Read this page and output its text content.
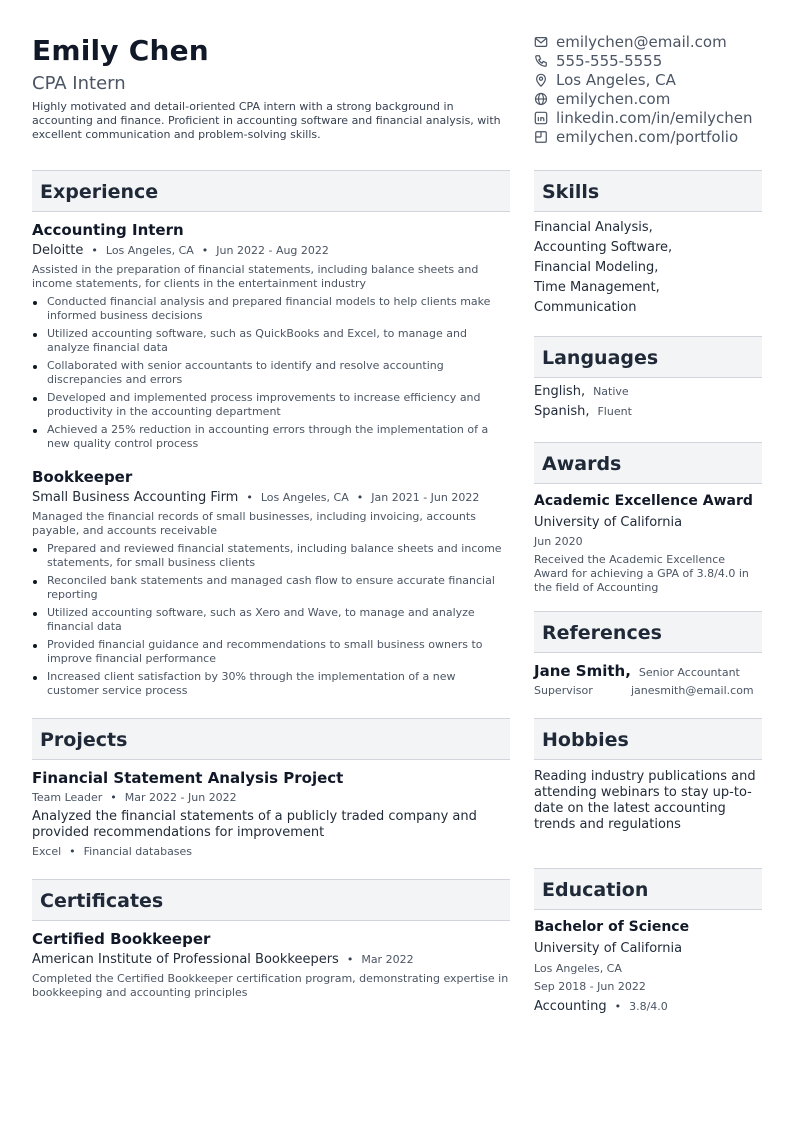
Emily Chen
CPA Intern
Highly motivated and detail-oriented CPA intern with a strong background in accounting and finance. Proficient in accounting software and financial analysis, with excellent communication and problem-solving skills.
Experience
Accounting Intern
Deloitte • Los Angeles, CA • Jun 2022 - Aug 2022
Assisted in the preparation of financial statements, including balance sheets and income statements, for clients in the entertainment industry
Conducted financial analysis and prepared financial models to help clients make informed business decisions
Utilized accounting software, such as QuickBooks and Excel, to manage and analyze financial data
Collaborated with senior accountants to identify and resolve accounting discrepancies and errors
Developed and implemented process improvements to increase efficiency and productivity in the accounting department
Achieved a 25% reduction in accounting errors through the implementation of a new quality control process
Bookkeeper
Small Business Accounting Firm • Los Angeles, CA • Jan 2021 - Jun 2022
Managed the financial records of small businesses, including invoicing, accounts payable, and accounts receivable
Prepared and reviewed financial statements, including balance sheets and income statements, for small business clients
Reconciled bank statements and managed cash flow to ensure accurate financial reporting
Utilized accounting software, such as Xero and Wave, to manage and analyze financial data
Provided financial guidance and recommendations to small business owners to improve financial performance
Increased client satisfaction by 30% through the implementation of a new customer service process
Projects
Financial Statement Analysis Project
Team Leader • Mar 2022 - Jun 2022
Analyzed the financial statements of a publicly traded company and provided recommendations for improvement
Excel • Financial databases
Certificates
Certified Bookkeeper
American Institute of Professional Bookkeepers • Mar 2022
Completed the Certified Bookkeeper certification program, demonstrating expertise in bookkeeping and accounting principles
emilychen@email.com
555-555-5555
Los Angeles, CA
emilychen.com
linkedin.com/in/emilychen
emilychen.com/portfolio
Skills
Financial Analysis,
Accounting Software,
Financial Modeling,
Time Management,
Communication
Languages
English, Native
Spanish, Fluent
Awards
Academic Excellence Award
University of California
Jun 2020
Received the Academic Excellence Award for achieving a GPA of 3.8/4.0 in the field of Accounting
References
Jane Smith, Senior Accountant
Supervisor	janesmith@email.com
Hobbies
Reading industry publications and attending webinars to stay up-to-date on the latest accounting trends and regulations
Education
Bachelor of Science
University of California
Los Angeles, CA
Sep 2018 - Jun 2022
Accounting • 3.8/4.0
